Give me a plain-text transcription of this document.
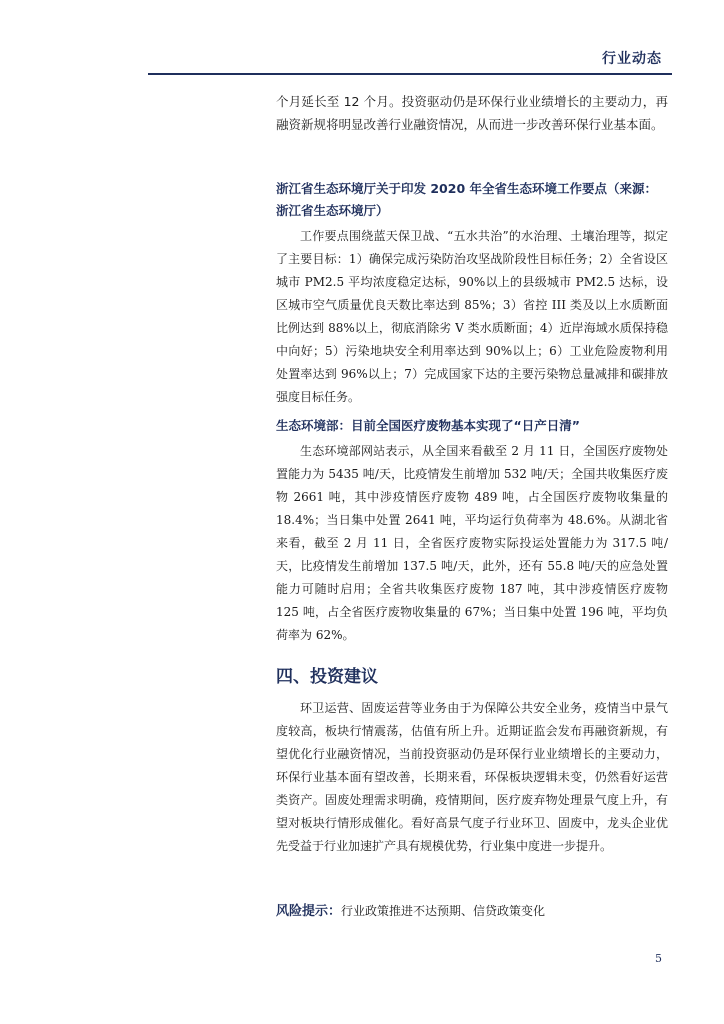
行业动态

个月延长至 12 个月。投资驱动仍是环保行业业绩增长的主要动力，再融资新规将明显改善行业融资情况，从而进一步改善环保行业基本面。

浙江省生态环境厅关于印发 2020 年全省生态环境工作要点（来源：浙江省生态环境厅）

工作要点围绕蓝天保卫战、“五水共治”的水治理、土壤治理等，拟定了主要目标：1）确保完成污染防治攻坚战阶段性目标任务；2）全省设区城市 PM2.5 平均浓度稳定达标，90%以上的县级城市 PM2.5 达标，设区城市空气质量优良天数比率达到 85%；3）省控 III 类及以上水质断面比例达到 88%以上，彻底消除劣 V 类水质断面；4）近岸海域水质保持稳中向好；5）污染地块安全利用率达到 90%以上；6）工业危险废物利用处置率达到 96%以上；7）完成国家下达的主要污染物总量减排和碳排放强度目标任务。

生态环境部：目前全国医疗废物基本实现了“日产日清”

生态环境部网站表示，从全国来看截至 2 月 11 日，全国医疗废物处置能力为 5435 吨/天，比疫情发生前增加 532 吨/天；全国共收集医疗废物 2661 吨，其中涉疫情医疗废物 489 吨，占全国医疗废物收集量的 18.4%；当日集中处置 2641 吨，平均运行负荷率为 48.6%。从湖北省来看，截至 2 月 11 日，全省医疗废物实际投运处置能力为 317.5 吨/天，比疫情发生前增加 137.5 吨/天，此外，还有 55.8 吨/天的应急处置能力可随时启用；全省共收集医疗废物 187 吨，其中涉疫情医疗废物 125 吨，占全省医疗废物收集量的 67%；当日集中处置 196 吨，平均负荷率为 62%。

四、投资建议

环卫运营、固废运营等业务由于为保障公共安全业务，疫情当中景气度较高，板块行情震荡，估值有所上升。近期证监会发布再融资新规，有望优化行业融资情况，当前投资驱动仍是环保行业业绩增长的主要动力，环保行业基本面有望改善，长期来看，环保板块逻辑未变，仍然看好运营类资产。固废处理需求明确，疫情期间，医疗废弃物处理景气度上升，有望对板块行情形成催化。看好高景气度子行业环卫、固废中，龙头企业优先受益于行业加速扩产具有规模优势，行业集中度进一步提升。

风险提示：行业政策推进不达预期、信贷政策变化
5
